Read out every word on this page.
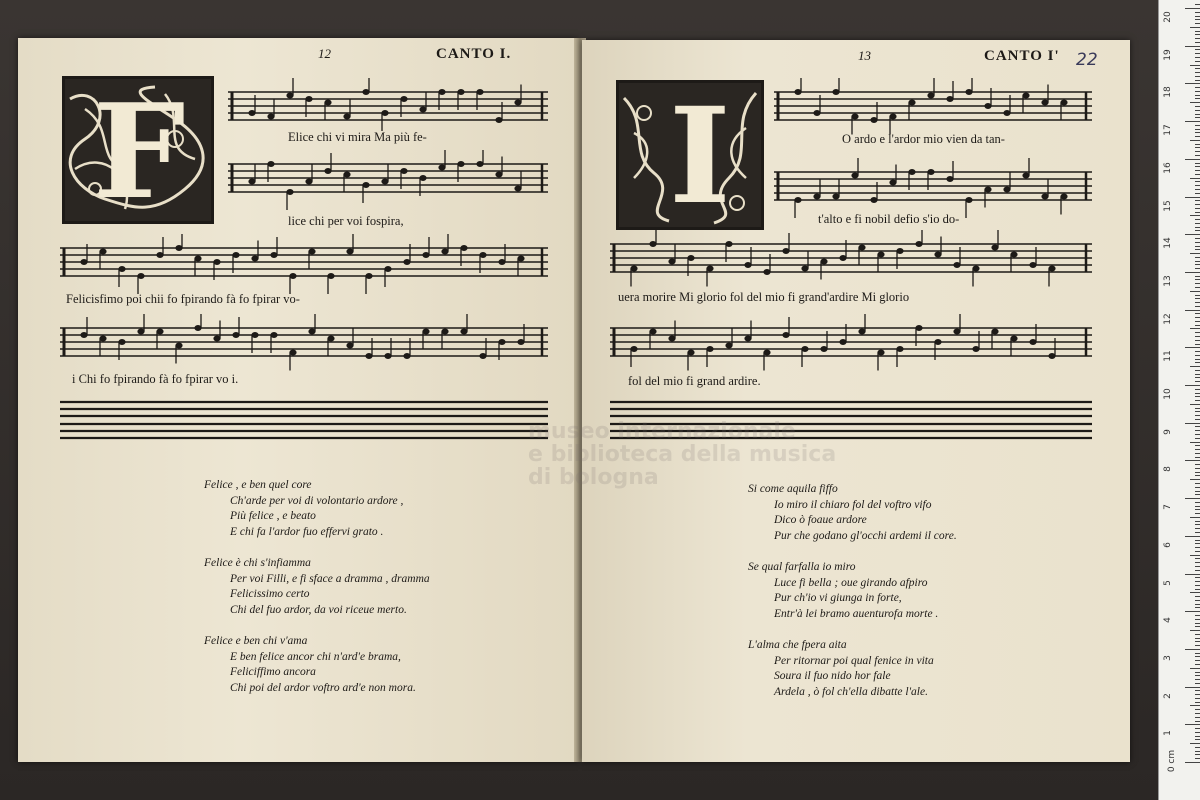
12	CANTO I.
F	Elice chi vi mira Ma più fe-
lice chi per voi fospira,
Felicisfimo poi chii fo fpirando fà fo fpirar vo-
i Chi fo fpirando fà fo fpirar vo i.
Felice , e ben quel core
Ch'arde per voi di volontario ardore ,
Più felice , e beato
E chi fa l'ardor fuo effervi grato .
Felice è chi s'infiamma
Per voi Filli, e fi sface a dramma , dramma
Felicissimo certo
Chi del fuo ardor, da voi riceue merto.
Felice e ben chi v'ama
E ben felice ancor chi n'ard'e brama,
Feliciffimo ancora
Chi poi del ardor voftro ard'e non mora.
13	CANTO I' 22
I	O ardo e l'ardor mio vien da tan-
t'alto e fi nobil defio s'io do-
uera morire Mi glorio fol del mio fi grand'ardire Mi glorio
fol del mio fi grand ardire.
Si come aquila fiffo
Io miro il chiaro fol del voftro vifo
Dico ò foaue ardore
Pur che godano gl'occhi ardemi il core.
Se qual farfalla io miro
Luce fi bella ; oue girando afpiro
Pur ch'io vi giunga in forte,
Entr'à lei bramo auenturofa morte .
L'alma che fpera aita
Per ritornar poi qual fenice in vita
Soura il fuo nido hor fale
Ardela , ò fol ch'ella dibatte l'ale.
museo internazionale
e biblioteca della musica
di bologna
0 cm
20
19
18
17
16
15
14
13
12
11
10
9
8
7
6
5
4
3
2
1
